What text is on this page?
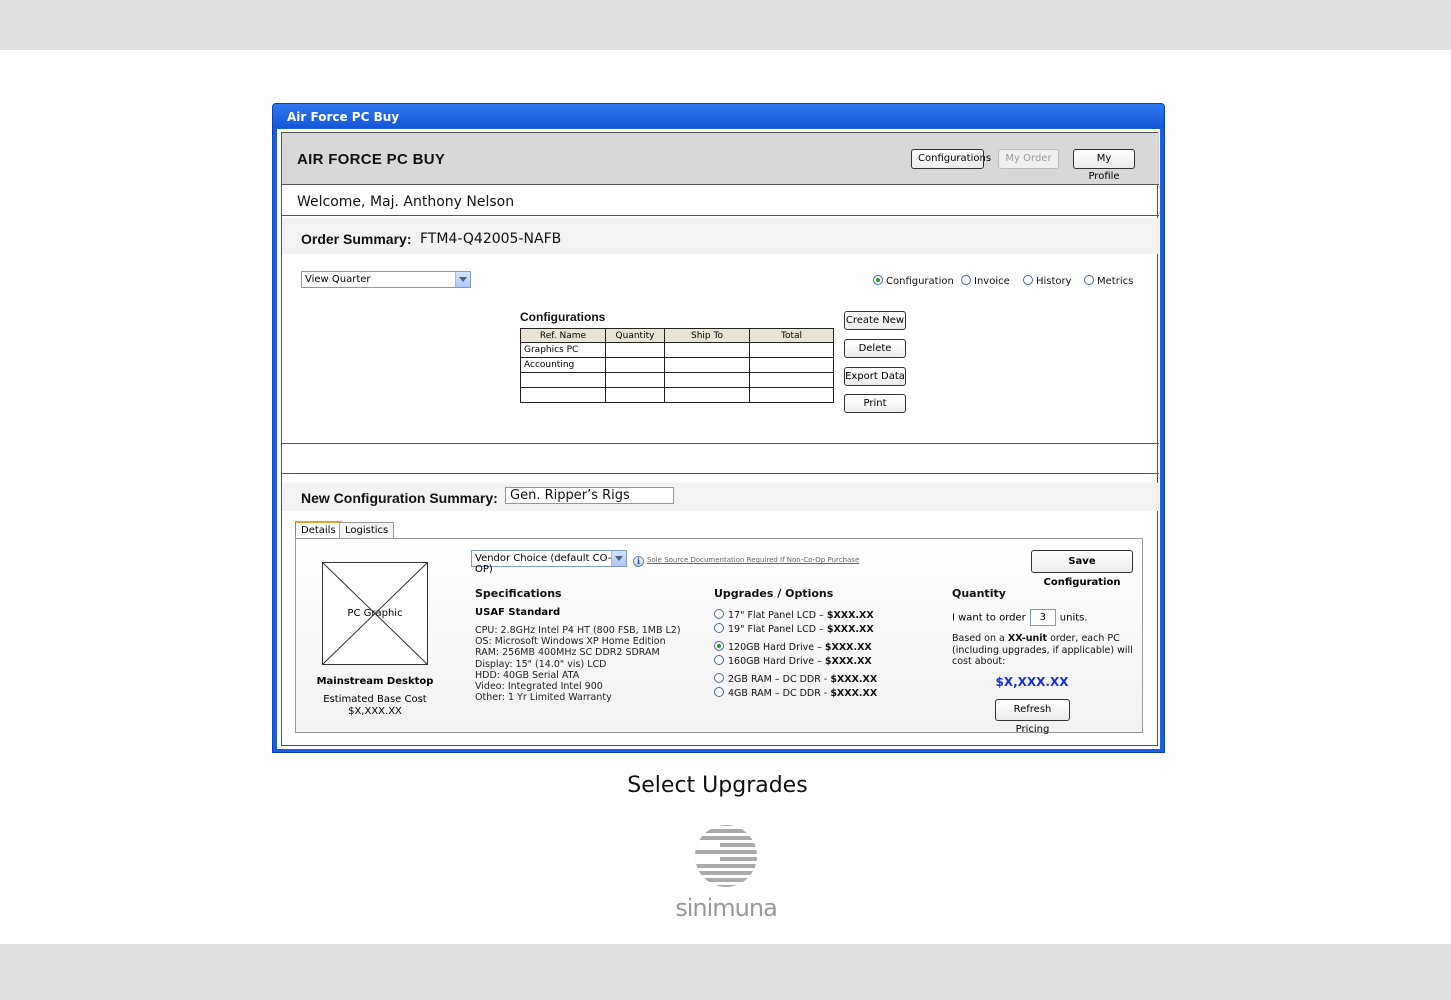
Air Force PC Buy
AIR FORCE PC BUY	Configurations	My Order	My Profile
Welcome, Maj. Anthony Nelson
Order Summary: FTM4-Q42005-NAFB
View Quarter	Configuration	Invoice	History	Metrics
Configurations
Ref. Name	Quantity	Ship To	Total
Graphics PC			
Accounting			

Create New
Delete
Export Data
Print
New Configuration Summary: Gen. Ripper’s Rigs
Details Logistics
PC Graphic
Mainstream Desktop
Estimated Base Cost
$X,XXX.XX
Vendor Choice (default CO-OP)
i Sole Source Documentation Required If Non-Co-Op Purchase	Save Configuration
Specifications
USAF Standard
CPU: 2.8GHz Intel P4 HT (800 FSB, 1MB L2)
OS: Microsoft Windows XP Home Edition
RAM: 256MB 400MHz SC DDR2 SDRAM
Display: 15" (14.0" vis) LCD
HDD: 40GB Serial ATA
Video: Integrated Intel 900
Other: 1 Yr Limited Warranty
Upgrades / Options
17" Flat Panel LCD – $XXX.XX
19" Flat Panel LCD – $XXX.XX
120GB Hard Drive – $XXX.XX
160GB Hard Drive – $XXX.XX
2GB RAM – DC DDR - $XXX.XX
4GB RAM – DC DDR - $XXX.XX
Quantity
I want to order 3 units.
Based on a XX-unit order, each PC (including upgrades, if applicable) will cost about:
$X,XXX.XX
Refresh Pricing
Select Upgrades
sinimuna
